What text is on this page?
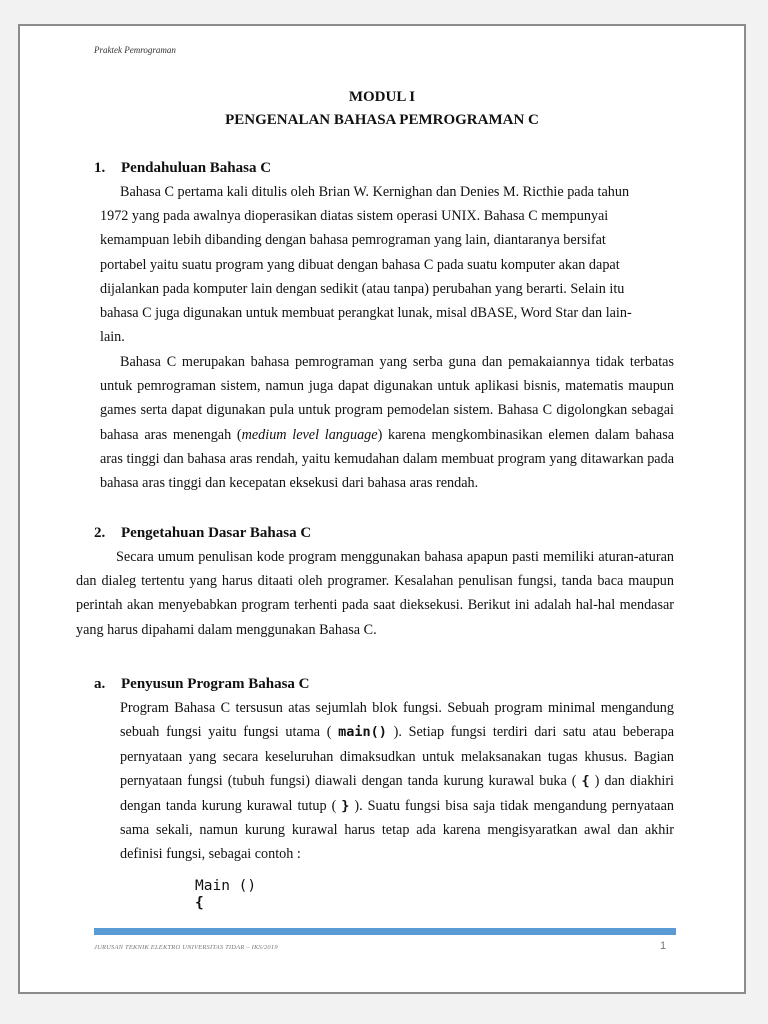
Praktek Pemrograman
MODUL I
PENGENALAN BAHASA PEMROGRAMAN C
1. Pendahuluan Bahasa C
Bahasa C pertama kali ditulis oleh Brian W. Kernighan dan Denies M. Ricthie pada tahun
1972 yang pada awalnya dioperasikan diatas sistem operasi UNIX. Bahasa C mempunyai
kemampuan lebih dibanding dengan bahasa pemrograman yang lain, diantaranya bersifat
portabel yaitu suatu program yang dibuat dengan bahasa C pada suatu komputer akan dapat
dijalankan pada komputer lain dengan sedikit (atau tanpa) perubahan yang berarti. Selain itu
bahasa C juga digunakan untuk membuat perangkat lunak, misal dBASE, Word Star dan lain-
lain.

Bahasa C merupakan bahasa pemrograman yang serba guna dan pemakaiannya tidak terbatas untuk pemrograman sistem, namun juga dapat digunakan untuk aplikasi bisnis, matematis maupun games serta dapat digunakan pula untuk program pemodelan sistem. Bahasa C digolongkan sebagai bahasa aras menengah (medium level language) karena mengkombinasikan elemen dalam bahasa aras tinggi dan bahasa aras rendah, yaitu kemudahan dalam membuat program yang ditawarkan pada bahasa aras tinggi dan kecepatan eksekusi dari bahasa aras rendah.

2. Pengetahuan Dasar Bahasa C

Secara umum penulisan kode program menggunakan bahasa apapun pasti memiliki aturan-aturan dan dialeg tertentu yang harus ditaati oleh programer. Kesalahan penulisan fungsi, tanda baca maupun perintah akan menyebabkan program terhenti pada saat dieksekusi. Berikut ini adalah hal-hal mendasar yang harus dipahami dalam menggunakan Bahasa C.

a. Penyusun Program Bahasa C

Program Bahasa C tersusun atas sejumlah blok fungsi. Sebuah program minimal mengandung sebuah fungsi yaitu fungsi utama ( main() ). Setiap fungsi terdiri dari satu atau beberapa pernyataan yang secara keseluruhan dimaksudkan untuk melaksanakan tugas khusus. Bagian pernyataan fungsi (tubuh fungsi) diawali dengan tanda kurung kurawal buka ( { ) dan diakhiri dengan tanda kurung kurawal tutup ( } ). Suatu fungsi bisa saja tidak mengandung pernyataan sama sekali, namun kurung kurawal harus tetap ada karena mengisyaratkan awal dan akhir definisi fungsi, sebagai contoh :

Main ()
{
JURUSAN TEKNIK ELEKTRO UNIVERSITAS TIDAR – IKS/2019	1
